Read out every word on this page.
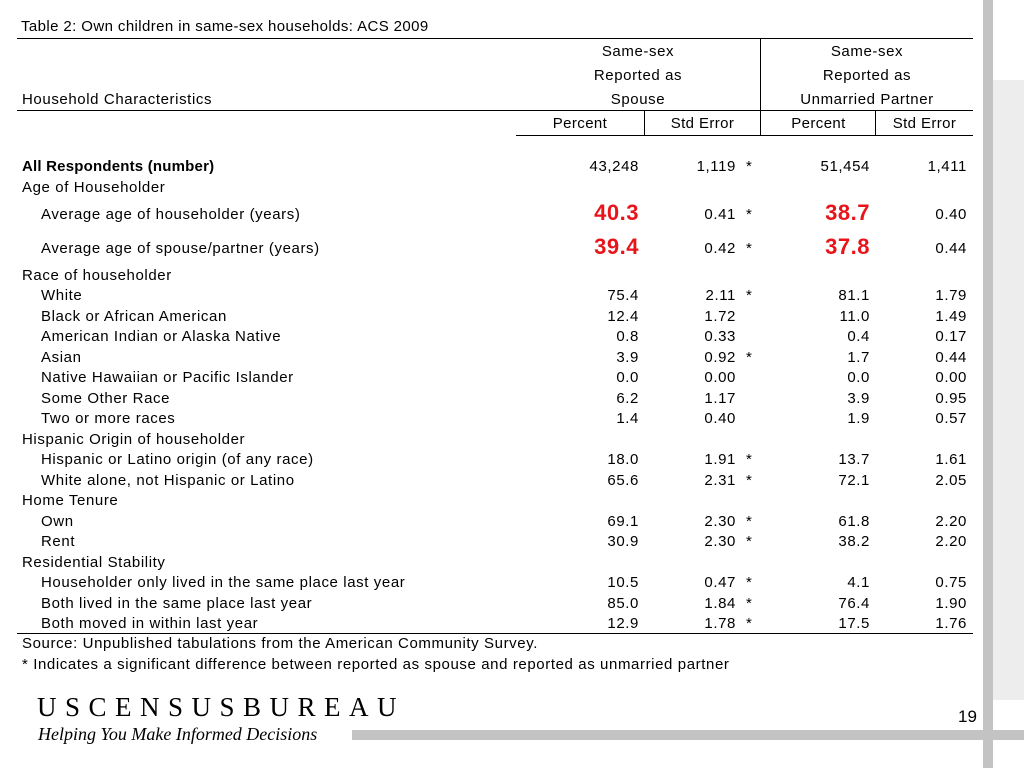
Table 2: Own children in same-sex households: ACS 2009
Same-sex
Reported as
Spouse
Same-sex
Reported as
Unmarried Partner
Household Characteristics
Percent	Std Error	Percent	Std Error
All Respondents (number)	43,248	1,119	51,454	1,411
*
Age of Householder
Average age of householder (years)	40.3	0.41	38.7	0.40
*
Average age of spouse/partner (years)	39.4	0.42	37.8	0.44
*
Race of householder
White	75.4	2.11	81.1	1.79
*
Black or African American	12.4	1.72	11.0	1.49
American Indian or Alaska Native	0.8	0.33	0.4	0.17
Asian	3.9	0.92	1.7	0.44
*
Native Hawaiian or Pacific Islander	0.0	0.00	0.0	0.00
Some Other Race	6.2	1.17	3.9	0.95
Two or more races	1.4	0.40	1.9	0.57
Hispanic Origin of householder
Hispanic or Latino origin (of any race)	18.0	1.91	13.7	1.61
*
White alone, not Hispanic or Latino	65.6	2.31	72.1	2.05
*
Home Tenure
Own	69.1	2.30	61.8	2.20
*
Rent	30.9	2.30	38.2	2.20
*
Residential Stability
Householder only lived in the same place last year	10.5	0.47	4.1	0.75
*
Both lived in the same place last year	85.0	1.84	76.4	1.90
*
Both moved in within last year	12.9	1.78	17.5	1.76
*
Source: Unpublished tabulations from the American Community Survey.
* Indicates a significant difference between reported as spouse and reported as unmarried partner
USCENSUSBUREAU
Helping You Make Informed Decisions
19
